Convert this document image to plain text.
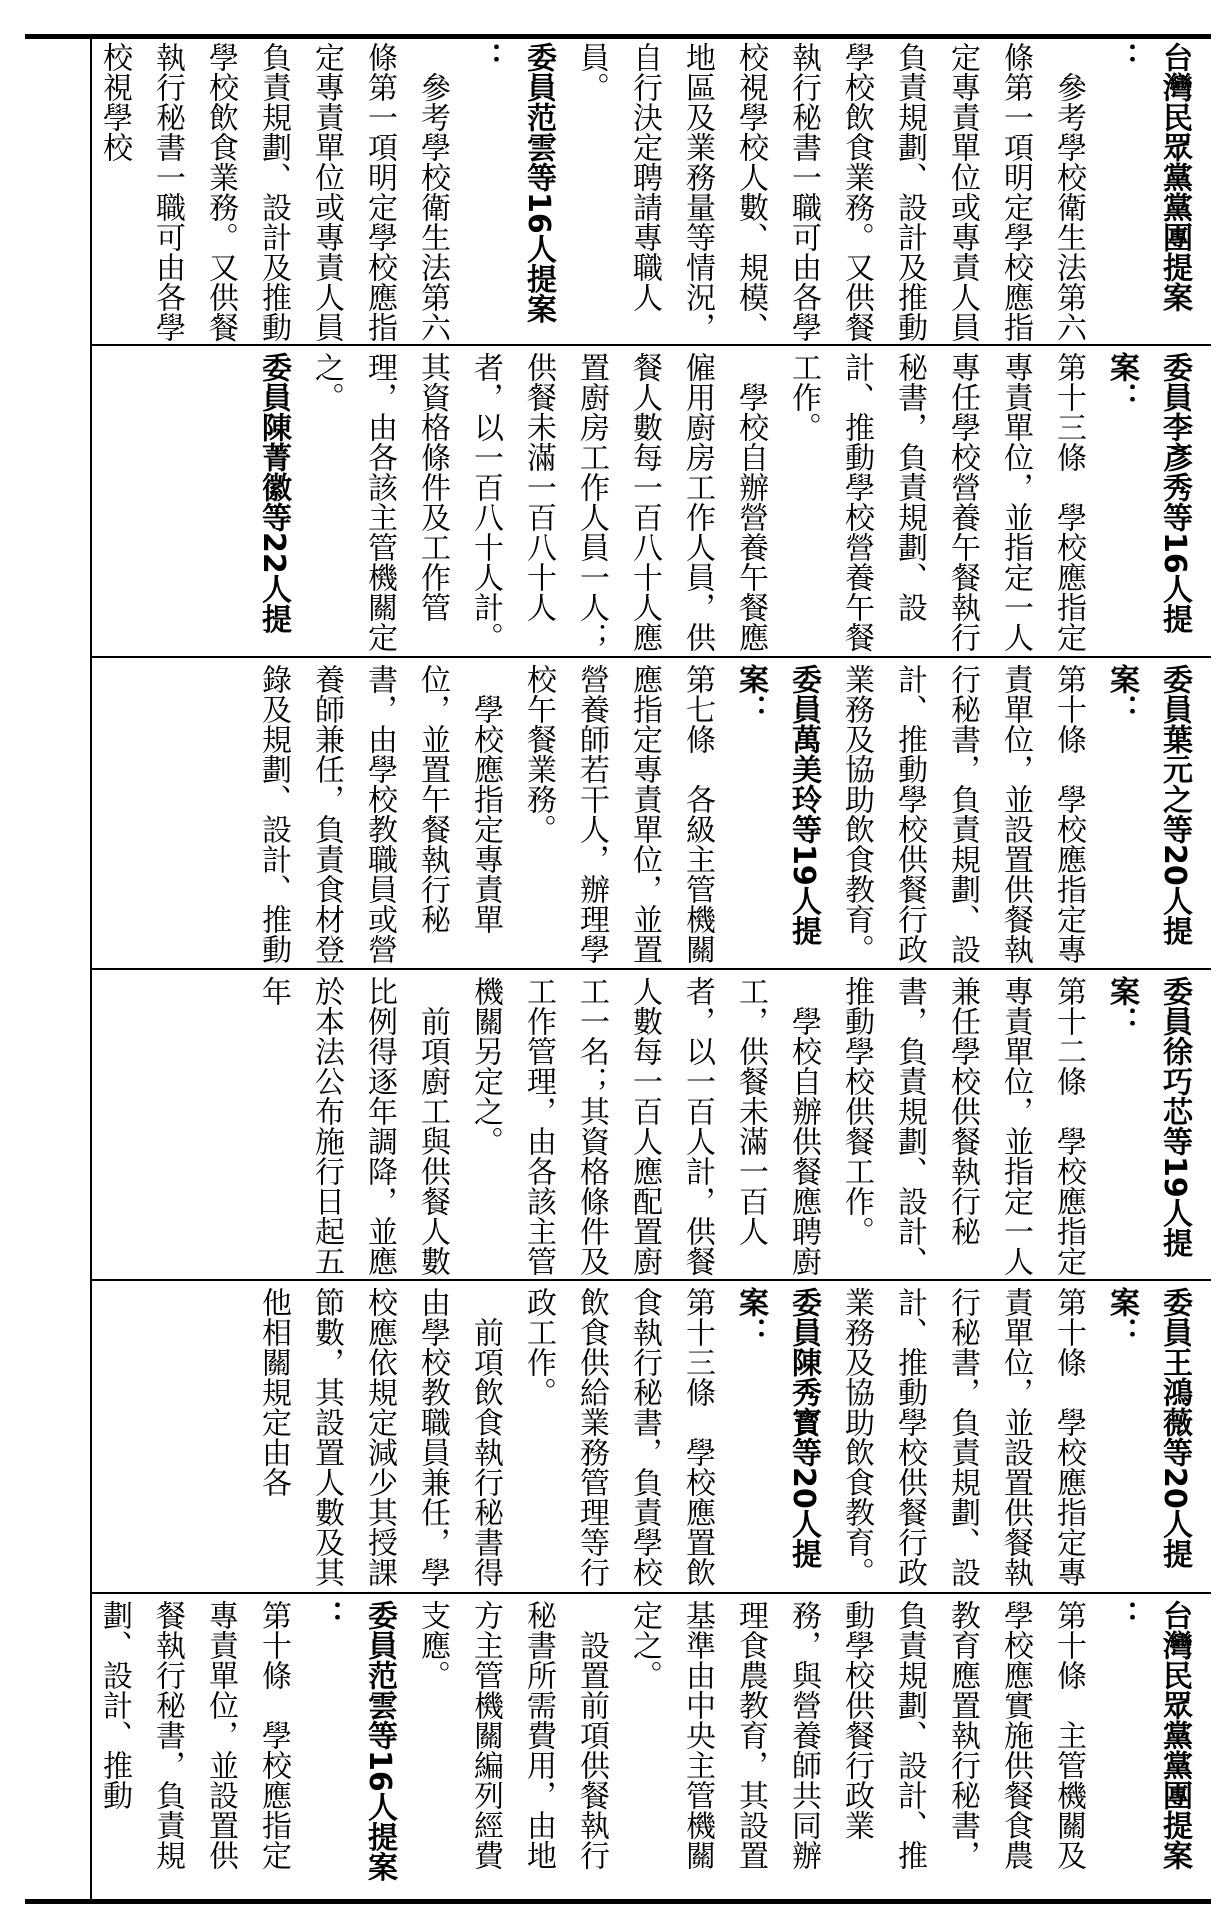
台灣民眾黨黨團提案

：

第十條　主管機關及學校應實施供餐食農教育應置執行秘書，負責規劃、設計、推動學校供餐行政業務，與營養師共同辦理食農教育，其設置基準由中央主管機關定之。

設置前項供餐執行秘書所需費用，由地方主管機關編列經費支應。

委員范雲等16人提案

：

第十條　學校應指定專責單位，並設置供餐執行秘書，負責規劃、設計、推動

委員王鴻薇等20人提案：

第十條　學校應指定專責單位，並設置供餐執行秘書，負責規劃、設計、推動學校供餐行政業務及協助飲食教育。

委員陳秀寳等20人提案：

第十三條　學校應置飲食執行秘書，負責學校飲食供給業務管理等行政工作。

前項飲食執行秘書得由學校教職員兼任，學校應依規定減少其授課節數，其設置人數及其他相關規定由各

委員徐巧芯等19人提案：

第十二條　學校應指定專責單位，並指定一人兼任學校供餐執行秘書，負責規劃、設計、推動學校供餐工作。

學校自辦供餐應聘廚工，供餐未滿一百人者，以一百人計，供餐人數每一百人應配置廚工一名；其資格條件及工作管理，由各該主管機關另定之。

前項廚工與供餐人數比例得逐年調降，並應於本法公布施行日起五年

委員葉元之等20人提案：

第十條　學校應指定專責單位，並設置供餐執行秘書，負責規劃、設計、推動學校供餐行政業務及協助飲食教育。

委員萬美玲等19人提案：

第七條　各級主管機關應指定專責單位，並置營養師若干人，辦理學校午餐業務。

學校應指定專責單位，並置午餐執行秘書，由學校教職員或營養師兼任，負責食材登錄及規劃、設計、推動

委員李彥秀等16人提案：

第十三條　學校應指定專責單位，並指定一人專任學校營養午餐執行秘書，負責規劃、設計、推動學校營養午餐工作。

學校自辦營養午餐應僱用廚房工作人員，供餐人數每一百八十人應置廚房工作人員一人；供餐未滿一百八十人者，以一百八十人計。其資格條件及工作管理，由各該主管機關定之。

委員陳菁徽等22人提

台灣民眾黨黨團提案

：

參考學校衛生法第六條第一項明定學校應指定專責單位或專責人員負責規劃、設計及推動學校飲食業務。又供餐執行秘書一職可由各學校視學校人數、規模、地區及業務量等情況，自行決定聘請專職人員。

委員范雲等16人提案

：

參考學校衛生法第六條第一項明定學校應指定專責單位或專責人員負責規劃、設計及推動學校飲食業務。又供餐執行秘書一職可由各學校視學校
